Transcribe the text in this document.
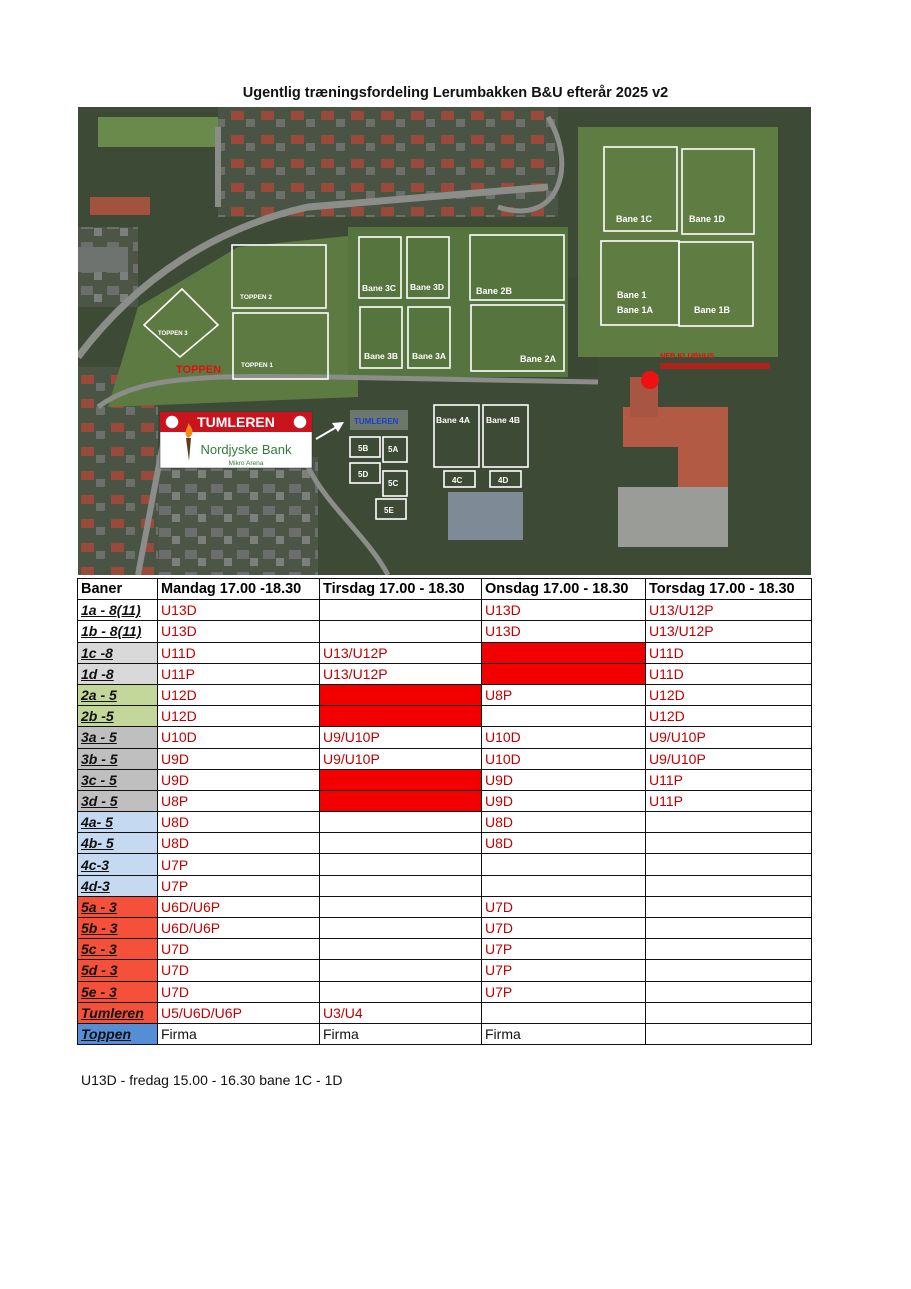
Ugentlig træningsfordeling Lerumbakken B&U efterår 2025 v2
Bane 1C	Bane 1D
Bane 1
Bane 1A	Bane 1B
Bane 2B
Bane 2A
Bane 3C Bane 3D
Bane 3B Bane 3A
Bane 4A Bane 4B
4C	4D
5B 5A
5D
5C
5E
TOPPEN 2
TOPPEN 1
TOPPEN 3
TUMLEREN
TOPPEN
NFB KLUBHUS
TUMLEREN
Nordjyske Bank
Mikro Arena
Baner	Mandag 17.00 -18.30	Tirsdag 17.00 - 18.30	Onsdag 17.00 - 18.30	Torsdag 17.00 - 18.30
1a - 8(11)	U13D		U13D	U13/U12P
1b - 8(11)	U13D		U13D	U13/U12P
1c -8	U11D	U13/U12P		U11D
1d -8	U11P	U13/U12P		U11D
2a - 5	U12D		U8P	U12D
2b -5	U12D			U12D
3a - 5	U10D	U9/U10P	U10D	U9/U10P
3b - 5	U9D	U9/U10P	U10D	U9/U10P
3c - 5	U9D		U9D	U11P
3d - 5	U8P		U9D	U11P
4a- 5	U8D		U8D	
4b- 5	U8D		U8D	
4c-3	U7P			
4d-3	U7P			
5a - 3	U6D/U6P		U7D	
5b - 3	U6D/U6P		U7D	
5c - 3	U7D		U7P	
5d - 3	U7D		U7P	
5e - 3	U7D		U7P	
Tumleren	U5/U6D/U6P	U3/U4		
Toppen	Firma	Firma	Firma	
U13D - fredag 15.00 - 16.30 bane 1C - 1D
